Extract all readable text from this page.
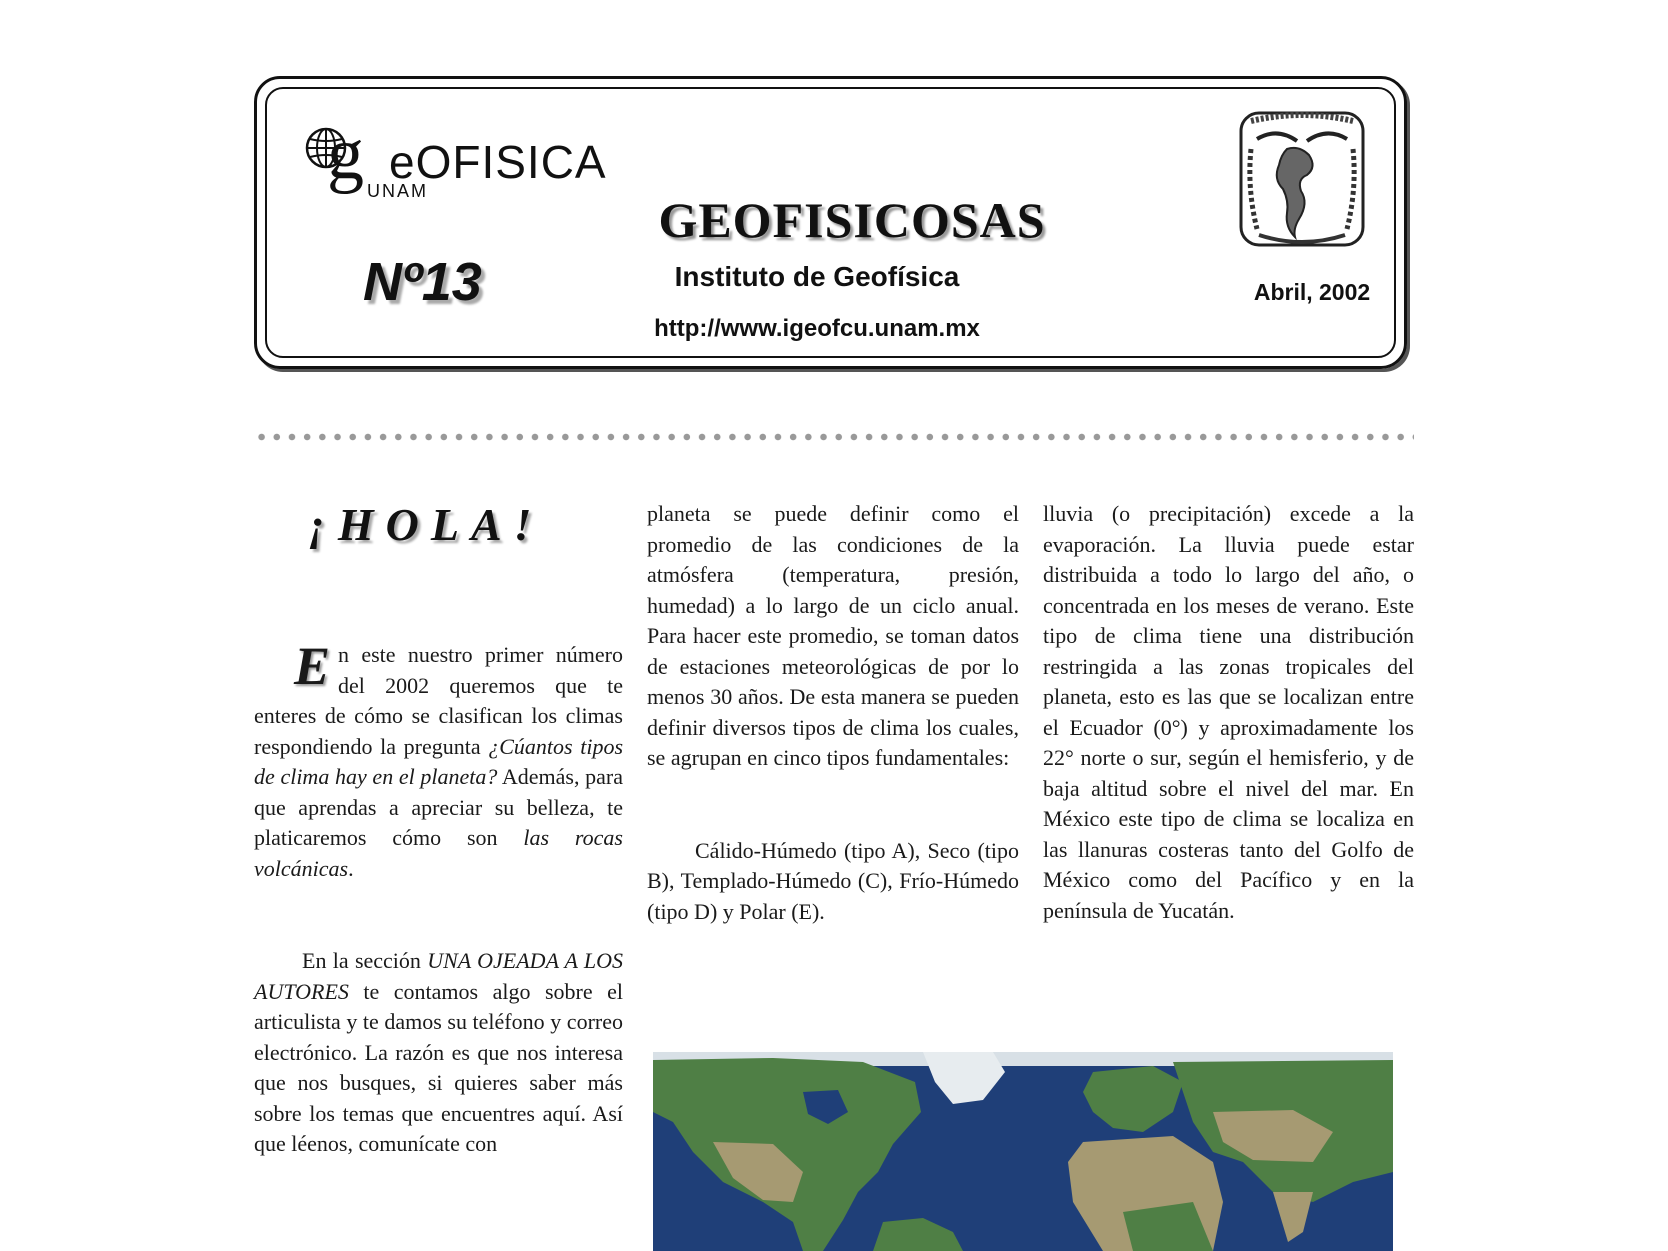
g eOFISICA
UNAM
Nº13
GEOFISICOSAS
Instituto de Geofísica
http://www.igeofcu.unam.mx
Abril, 2002
¡HOLA!

En este nuestro primer número del 2002 queremos que te enteres de cómo se clasifican los climas respondiendo la pregunta ¿Cúantos tipos de clima hay en el planeta? Además, para que aprendas a apreciar su belleza, te platicaremos cómo son las rocas volcánicas.

En la sección UNA OJEADA A LOS AUTORES te contamos algo sobre el articulista y te damos su teléfono y correo electrónico. La razón es que nos interesa que nos busques, si quieres saber más sobre los temas que encuentres aquí. Así que léenos, comunícate con

planeta se puede definir como el promedio de las condiciones de la atmósfera (temperatura, presión, humedad) a lo largo de un ciclo anual. Para hacer este promedio, se toman datos de estaciones meteorológicas de por lo menos 30 años. De esta manera se pueden definir diversos tipos de clima los cuales, se agrupan en cinco tipos fundamentales:

Cálido-Húmedo (tipo A), Seco (tipo B), Templado-Húmedo (C), Frío-Húmedo (tipo D) y Polar (E).

lluvia (o precipitación) excede a la evaporación. La lluvia puede estar distribuida a todo lo largo del año, o concentrada en los meses de verano. Este tipo de clima tiene una distribución restringida a las zonas tropicales del planeta, esto es las que se localizan entre el Ecuador (0°) y aproximadamente los 22° norte o sur, según el hemisferio, y de baja altitud sobre el nivel del mar. En México este tipo de clima se localiza en las llanuras costeras tanto del Golfo de México como del Pacífico y en la península de Yucatán.
